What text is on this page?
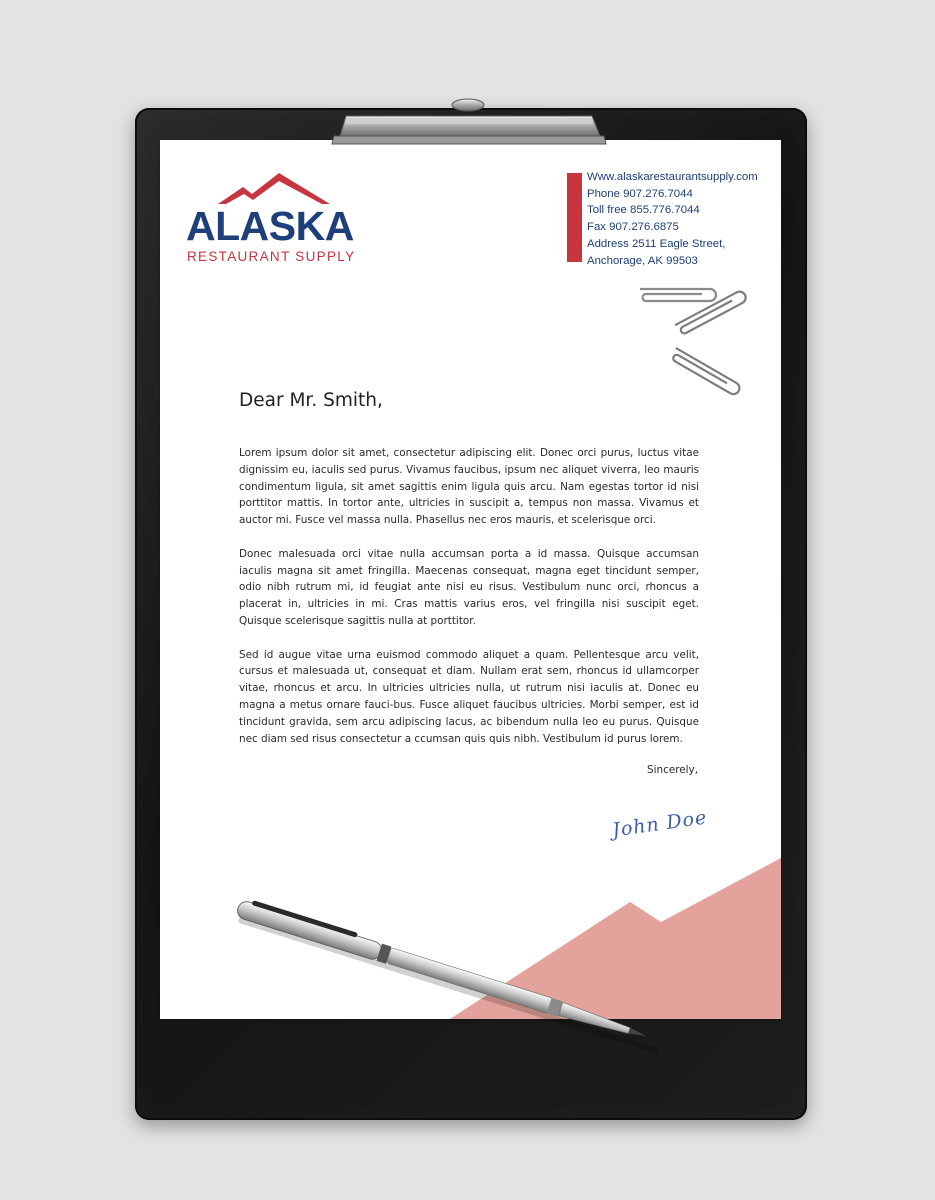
ALASKA
RESTAURANT SUPPLY
Www.alaskarestaurantsupply.com
Phone 907.276.7044
Toll free 855.776.7044
Fax 907.276.6875
Address 2511 Eagle Street,
Anchorage, AK 99503
Dear Mr. Smith,

Lorem ipsum dolor sit amet, consectetur adipiscing elit. Donec orci purus, luctus vitae dignissim eu, iaculis sed purus. Vivamus faucibus, ipsum nec aliquet viverra, leo mauris condimentum ligula, sit amet sagittis enim ligula quis arcu. Nam egestas tortor id nisi porttitor mattis. In tortor ante, ultricies in suscipit a, tempus non massa. Vivamus et auctor mi. Fusce vel massa nulla. Phasellus nec eros mauris, et scelerisque orci.

Donec malesuada orci vitae nulla accumsan porta a id massa. Quisque accumsan iaculis magna sit amet fringilla. Maecenas consequat, magna eget tincidunt semper, odio nibh rutrum mi, id feugiat ante nisi eu risus. Vestibulum nunc orci, rhoncus a placerat in, ultricies in mi. Cras mattis varius eros, vel fringilla nisi suscipit eget. Quisque scelerisque sagittis nulla at porttitor.

Sed id augue vitae urna euismod commodo aliquet a quam. Pellentesque arcu velit, cursus et malesuada ut, consequat et diam. Nullam erat sem, rhoncus id ullamcorper vitae, rhoncus et arcu. In ultricies ultricies nulla, ut rutrum nisi iaculis at. Donec eu magna a metus ornare fauci-bus. Fusce aliquet faucibus ultricies. Morbi semper, est id tincidunt gravida, sem arcu adipiscing lacus, ac bibendum nulla leo eu purus. Quisque nec diam sed risus consectetur a ccumsan quis quis nibh. Vestibulum id purus lorem.

Sincerely,
John Doe
